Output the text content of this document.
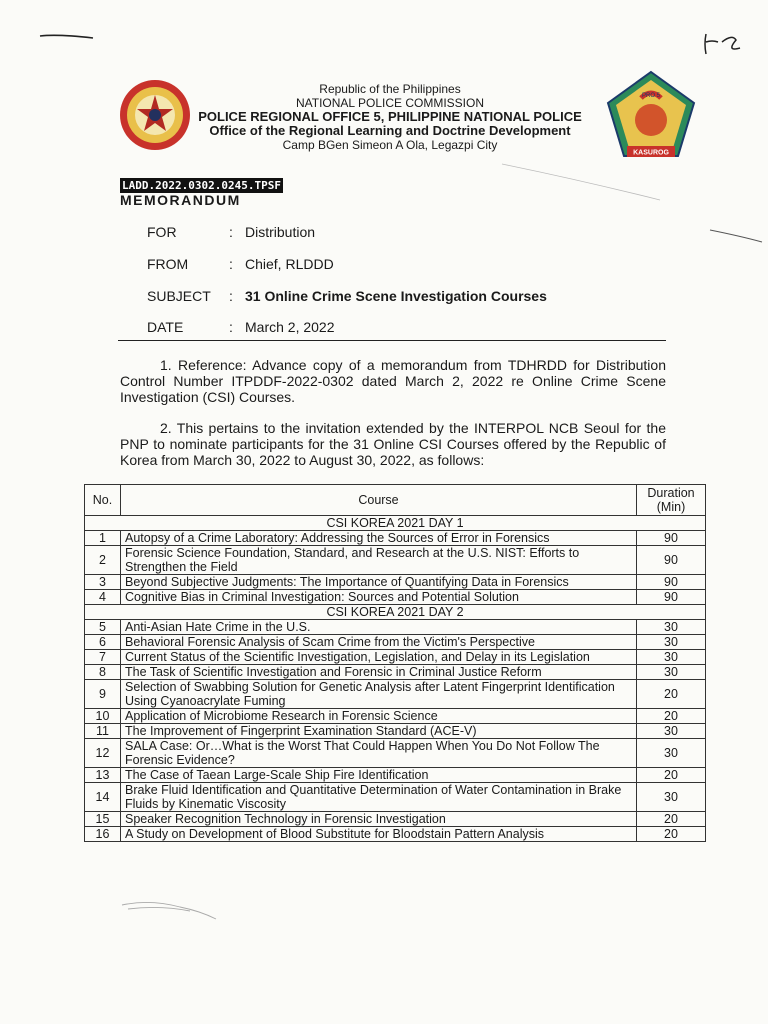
PRO 5
KASUROG
Republic of the Philippines
NATIONAL POLICE COMMISSION
POLICE REGIONAL OFFICE 5, PHILIPPINE NATIONAL POLICE
Office of the Regional Learning and Doctrine Development
Camp BGen Simeon A Ola, Legazpi City
LADD.2022.0302.0245.TPSF
MEMORANDUM
FOR	: Distribution
FROM	: Chief, RLDDD
SUBJECT : 31 Online Crime Scene Investigation Courses
DATE	: March 2, 2022
1. Reference: Advance copy of a memorandum from TDHRDD for Distribution Control Number ITPDDF-2022-0302 dated March 2, 2022 re Online Crime Scene Investigation (CSI) Courses.
2. This pertains to the invitation extended by the INTERPOL NCB Seoul for the PNP to nominate participants for the 31 Online CSI Courses offered by the Republic of Korea from March 30, 2022 to August 30, 2022, as follows:
No.	Course	Duration (Min)
CSI KOREA 2021 DAY 1		
1	Autopsy of a Crime Laboratory: Addressing the Sources of Error in Forensics	90
2	Forensic Science Foundation, Standard, and Research at the U.S. NIST: Efforts to Strengthen the Field	90
3	Beyond Subjective Judgments: The Importance of Quantifying Data in Forensics	90
4	Cognitive Bias in Criminal Investigation: Sources and Potential Solution	90
CSI KOREA 2021 DAY 2		
5	Anti-Asian Hate Crime in the U.S.	30
6	Behavioral Forensic Analysis of Scam Crime from the Victim's Perspective	30
7	Current Status of the Scientific Investigation, Legislation, and Delay in its Legislation	30
8	The Task of Scientific Investigation and Forensic in Criminal Justice Reform	30
9	Selection of Swabbing Solution for Genetic Analysis after Latent Fingerprint Identification Using Cyanoacrylate Fuming	20
10	Application of Microbiome Research in Forensic Science	20
11	The Improvement of Fingerprint Examination Standard (ACE-V)	30
12	SALA Case: Or…What is the Worst That Could Happen When You Do Not Follow The Forensic Evidence?	30
13	The Case of Taean Large-Scale Ship Fire Identification	20
14	Brake Fluid Identification and Quantitative Determination of Water Contamination in Brake Fluids by Kinematic Viscosity	30
15	Speaker Recognition Technology in Forensic Investigation	20
16	A Study on Development of Blood Substitute for Bloodstain Pattern Analysis	20
